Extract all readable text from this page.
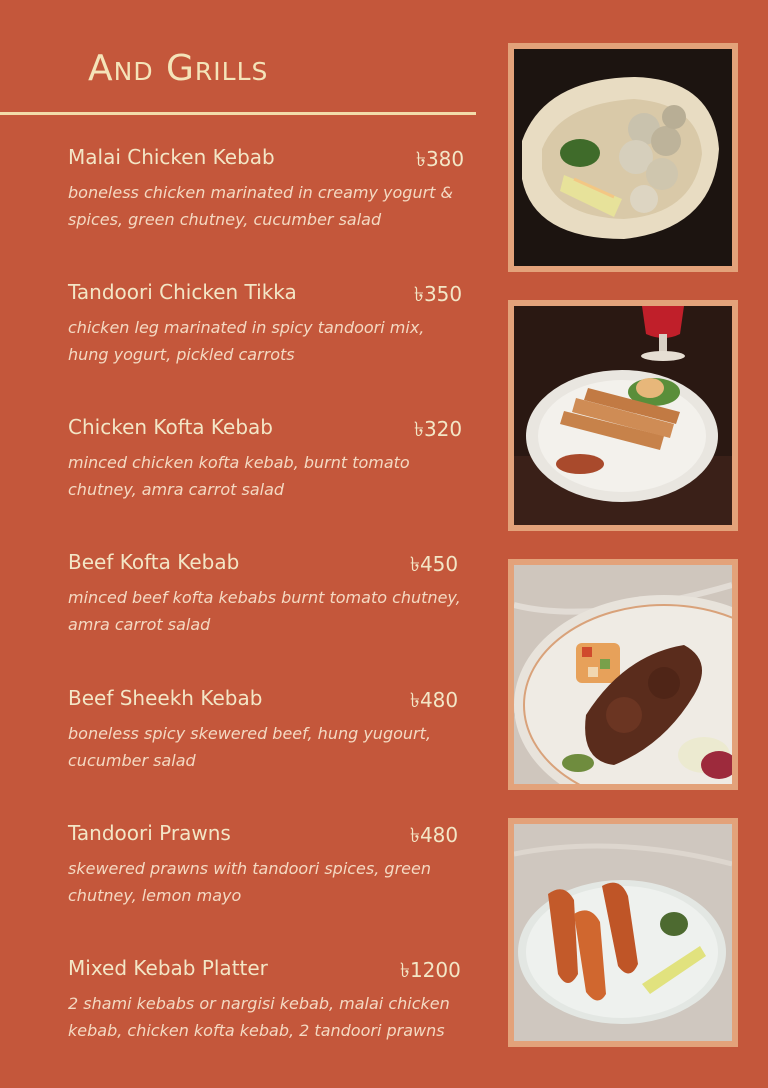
And Grills
Malai Chicken Kebab	৳380
boneless chicken marinated in creamy yogurt & spices, green chutney, cucumber salad
Tandoori Chicken Tikka	৳350
chicken leg marinated in spicy tandoori mix, hung yogurt, pickled carrots
Chicken Kofta Kebab	৳320
minced chicken kofta kebab, burnt tomato chutney, amra carrot salad
Beef Kofta Kebab	৳450
minced beef kofta kebabs burnt tomato chutney, amra carrot salad
Beef Sheekh Kebab	৳480
boneless spicy skewered beef, hung yugourt, cucumber salad
Tandoori Prawns	৳480
skewered prawns with tandoori spices, green chutney, lemon mayo
Mixed Kebab Platter	৳1200
2 shami kebabs or nargisi kebab, malai chicken kebab, chicken kofta kebab, 2 tandoori prawns
